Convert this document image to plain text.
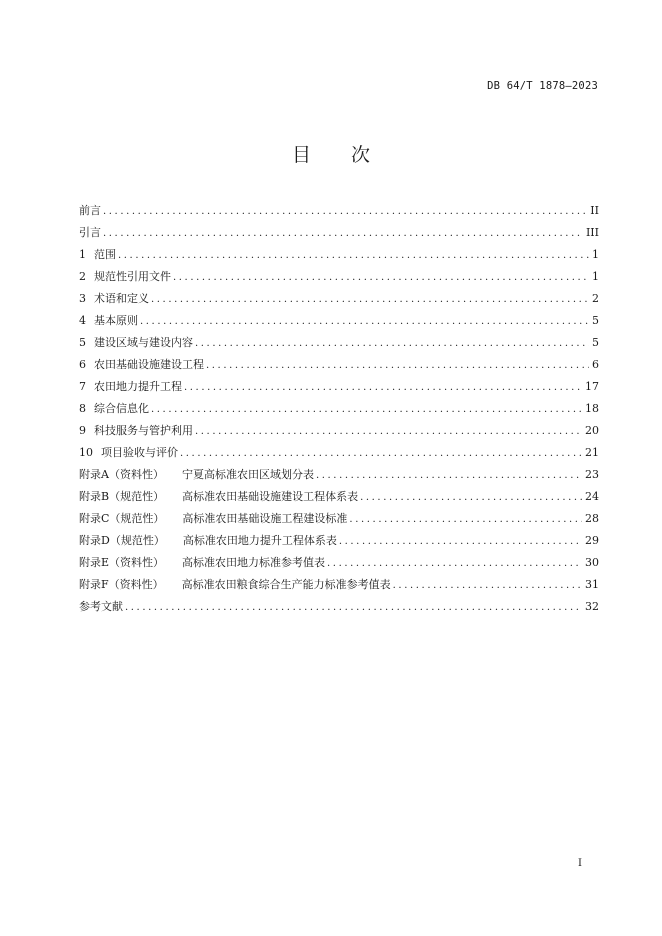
DB 64/T 1878—2023
目次
前言 .....	II
引言 .....	III
1 范围 .....	1
2 规范性引用文件 .....	1
3 术语和定义 .....	2
4 基本原则 .....	5
5 建设区域与建设内容 .....	5
6 农田基础设施建设工程 .....	6
7 农田地力提升工程 .....	17
8 综合信息化 .....	18
9 科技服务与管护利用 .....	20
10 项目验收与评价 .....	21
附录A（资料性） 宁夏高标准农田区域划分表 .....	23
附录B（规范性） 高标准农田基础设施建设工程体系表 .....	24
附录C（规范性） 高标准农田基础设施工程建设标准 .....	28
附录D（规范性） 高标准农田地力提升工程体系表 .....	29
附录E（资料性） 高标准农田地力标准参考值表 .....	30
附录F（资料性） 高标准农田粮食综合生产能力标准参考值表 .....	31
参考文献 .....	32
I
